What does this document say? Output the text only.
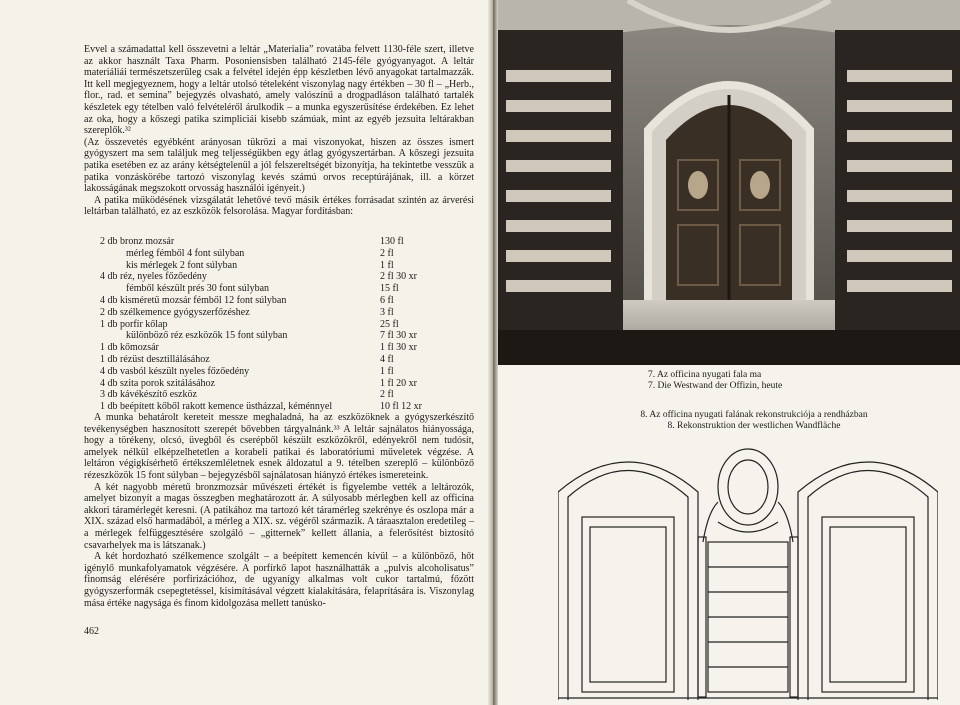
Evvel a számadattal kell összevetni a leltár „Materialia” rovatába felvett 1130-féle szert, illetve az akkor használt Taxa Pharm. Posoniensisben található 2145-féle gyógyanyagot. A leltár materiáliái természetszerűleg csak a felvétel idején épp készletben lévő anyagokat tartalmazzák. Itt kell megjegyeznem, hogy a leltár utolsó tételeként viszonylag nagy értékben – 30 fl – „Herb., flor., rad. et semina” bejegyzés olvasható, amely valószínű a drogpadláson található tartalék készletek egy tételben való felvételéről árulkodik – a munka egyszerűsítése érdekében. Ez lehet az oka, hogy a kőszegi patika szimpliciái kisebb számúak, mint az egyéb jezsuita leltárakban szereplők.³²

(Az összevetés egyébként arányosan tükrözi a mai viszonyokat, hiszen az összes ismert gyógyszert ma sem találjuk meg teljességükben egy átlag gyógyszertárban. A kőszegi jezsuita patika esetében ez az arány kétségtelenül a jól felszereltségét bizonyítja, ha tekintetbe vesszük a patika vonzáskörébe tartozó viszonylag kevés számú orvos receptúrájának, ill. a körzet lakosságának megszokott orvosság használói igényeit.)

A patika működésének vizsgálatát lehetővé tevő másik értékes forrásadat szintén az árverési leltárban található, ez az eszközök felsorolása. Magyar fordításban:

2 db bronz mozsár	130 fl
mérleg fémből 4 font súlyban	2 fl
kis mérlegek 2 font súlyban	1 fl
4 db réz, nyeles főzőedény	2 fl 30 xr
fémből készült prés 30 font súlyban	15 fl
4 db kisméretű mozsár fémből 12 font súlyban	6 fl
2 db szélkemence gyógyszerfőzéshez	3 fl
1 db porfír kőlap	25 fl
különböző réz eszközök 15 font súlyban	7 fl 30 xr
1 db kőmozsár	1 fl 30 xr
1 db rézüst desztillálásához	4 fl
4 db vasból készült nyeles főzőedény	1 fl
4 db szita porok szitálásához	1 fl 20 xr
3 db kávékészítő eszköz	2 fl
1 db beépített kőből rakott kemence üstházzal, kéménnyel	10 fl 12 xr

A munka behatárolt kereteit messze meghaladná, ha az eszközöknek a gyógyszerkészítő tevékenységben hasznosított szerepét bővebben tárgyalnánk.³³ A leltár sajnálatos hiányossága, hogy a törékeny, olcsó, üvegből és cserépből készült eszközökről, edényekről nem tudósít, amelyek nélkül elképzelhetetlen a korabeli patikai és laboratóriumi műveletek végzése. A leltáron végigkísérhető értékszemléletnek esnek áldozatul a 9. tételben szereplő – különböző rézeszközök 15 font súlyban – bejegyzésből sajnálatosan hiányzó értékes ismereteink.

A két nagyobb méretű bronzmozsár művészeti értékét is figyelembe vették a leltározók, amelyet bizonyít a magas összegben meghatározott ár. A súlyosabb mérlegben kell az officina akkori táramérlegét keresni. (A patikához ma tartozó két táramérleg szekrénye és oszlopa már a XIX. század első harmadából, a mérleg a XIX. sz. végéről származik. A táraasztalon eredetileg – a mérlegek felfüggesztésére szolgáló – „gitternek” kellett állania, a felerősítést biztosító csavarhelyek ma is látszanak.)

A két hordozható szélkemence szolgált – a beépített kemencén kívül – a különböző, hőt igénylő munkafolyamatok végzésére. A porfírkő lapot használhatták a „pulvis alcoholisatus” finomság elérésére porfirizációhoz, de ugyanígy alkalmas volt cukor tartalmú, főzött gyógyszerformák csepegtetéssel, kisimításával végzett kialakítására, felaprítására is. Viszonylag mása értéke nagysága és finom kidolgozása mellett tanúsko-

462
7. Az officina nyugati fala ma
7. Die Westwand der Offizin, heute
8. Az officina nyugati falának rekonstrukciója a rendházban
8. Rekonstruktion der westlichen Wandfläche
